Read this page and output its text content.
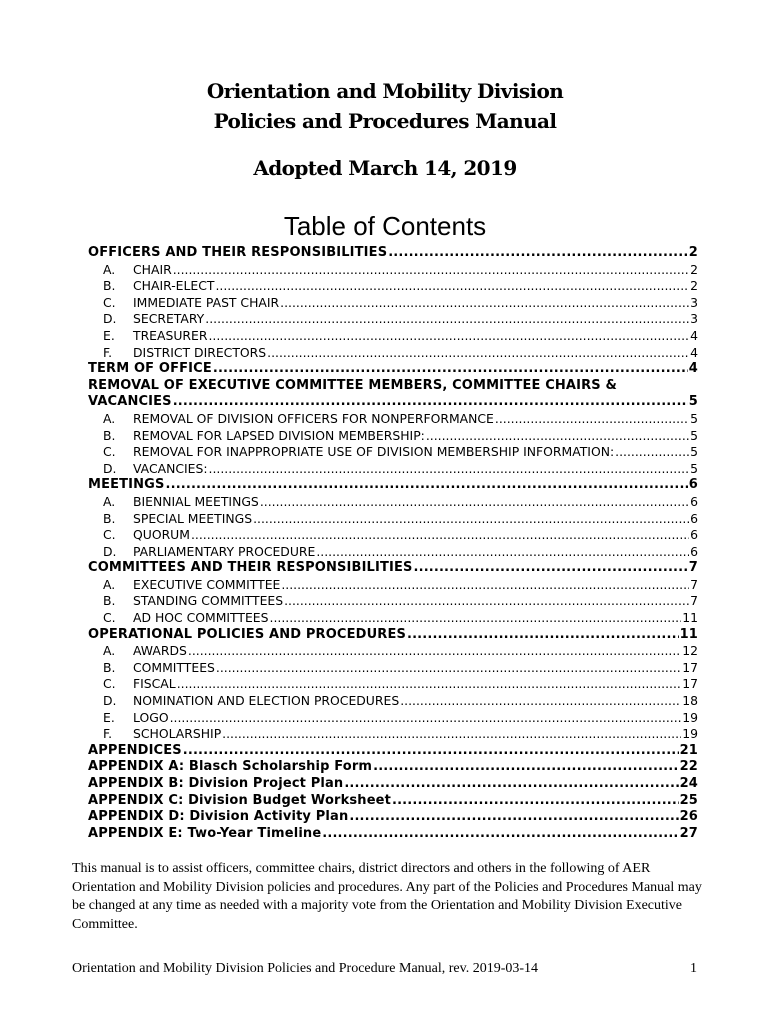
Orientation and Mobility Division
Policies and Procedures Manual
Adopted March 14, 2019
Table of Contents
OFFICERS AND THEIR RESPONSIBILITIES .....	2
A.	CHAIR .....	2
B.	CHAIR-ELECT .....	2
C.	IMMEDIATE PAST CHAIR .....	3
D.	SECRETARY .....	3
E.	TREASURER .....	4
F.	DISTRICT DIRECTORS .....	4
TERM OF OFFICE .....	4
REMOVAL OF EXECUTIVE COMMITTEE MEMBERS, COMMITTEE CHAIRS &
VACANCIES .....	5
A.	REMOVAL OF DIVISION OFFICERS FOR NONPERFORMANCE .....	5
B.	REMOVAL FOR LAPSED DIVISION MEMBERSHIP: .....	5
C.	REMOVAL FOR INAPPROPRIATE USE OF DIVISION MEMBERSHIP INFORMATION: .....	5
D.	VACANCIES: .....	5
MEETINGS .....	6
A.	BIENNIAL MEETINGS .....	6
B.	SPECIAL MEETINGS .....	6
C.	QUORUM .....	6
D.	PARLIAMENTARY PROCEDURE .....	6
COMMITTEES AND THEIR RESPONSIBILITIES .....	7
A.	EXECUTIVE COMMITTEE .....	7
B.	STANDING COMMITTEES .....	7
C.	AD HOC COMMITTEES .....	11
OPERATIONAL POLICIES AND PROCEDURES .....	11
A.	AWARDS .....	12
B.	COMMITTEES .....	17
C.	FISCAL .....	17
D.	NOMINATION AND ELECTION PROCEDURES .....	18
E.	LOGO .....	19
F.	SCHOLARSHIP .....	19
APPENDICES .....	21
APPENDIX A: Blasch Scholarship Form .....	22
APPENDIX B: Division Project Plan .....	24
APPENDIX C: Division Budget Worksheet .....	25
APPENDIX D: Division Activity Plan .....	26
APPENDIX E: Two-Year Timeline .....	27
This manual is to assist officers, committee chairs, district directors and others in the following of AER Orientation and Mobility Division policies and procedures. Any part of the Policies and Procedures Manual may be changed at any time as needed with a majority vote from the Orientation and Mobility Division Executive Committee.
Orientation and Mobility Division Policies and Procedure Manual, rev. 2019-03-14	1
